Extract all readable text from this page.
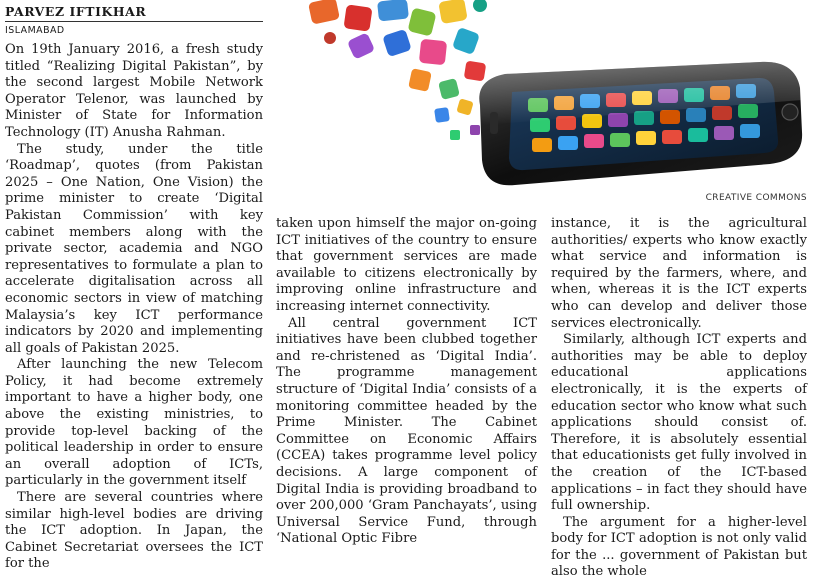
PARVEZ IFTIKHAR
ISLAMABAD

On 19th January 2016, a fresh study titled “Realizing Digital Pakistan”, by the second largest Mobile Network Operator Telenor, was launched by Minister of State for Information Technology (IT) Anusha Rahman.

The study, under the title ‘Roadmap’, quotes (from Pakistan 2025 – One Nation, One Vision) the prime minister to create ‘Digital Pakistan Commission’ with key cabinet members along with the private sector, academia and NGO representatives to formulate a plan to accelerate digitalisation across all economic sectors in view of matching Malaysia’s key ICT performance indicators by 2020 and implementing all goals of Pakistan 2025.

After launching the new Telecom Policy, it had become extremely important to have a higher body, one above the existing ministries, to provide top-level backing of the political leadership in order to ensure an overall adoption of ICTs, particularly in the government itself

There are several countries where similar high-level bodies are driving the ICT adoption. In Japan, the Cabinet Secretariat oversees the ICT for the

CREATIVE COMMONS

taken upon himself the major on-going ICT initiatives of the country to ensure that government services are made available to citizens electronically by improving online infrastructure and increasing internet connectivity.

All central government ICT initiatives have been clubbed together and re-christened as ‘Digital India’. The programme management structure of ‘Digital India’ consists of a monitoring committee headed by the Prime Minister. The Cabinet Committee on Economic Affairs (CCEA) takes programme level policy decisions. A large component of Digital India is providing broadband to over 200,000 ‘Gram Panchayats’, using Universal Service Fund, through ‘National Optic Fibre

instance, it is the agricultural authorities/ experts who know exactly what service and information is required by the farmers, where, and when, whereas it is the ICT experts who can develop and deliver those services electronically.

Similarly, although ICT experts and authorities may be able to deploy educational applications electronically, it is the experts of education sector who know what such applications should consist of. Therefore, it is absolutely essential that educationists get fully involved in the creation of the ICT-based applications – in fact they should have full ownership.

The argument for a higher-level body for ICT adoption is not only valid for the ... government of Pakistan but also the whole
